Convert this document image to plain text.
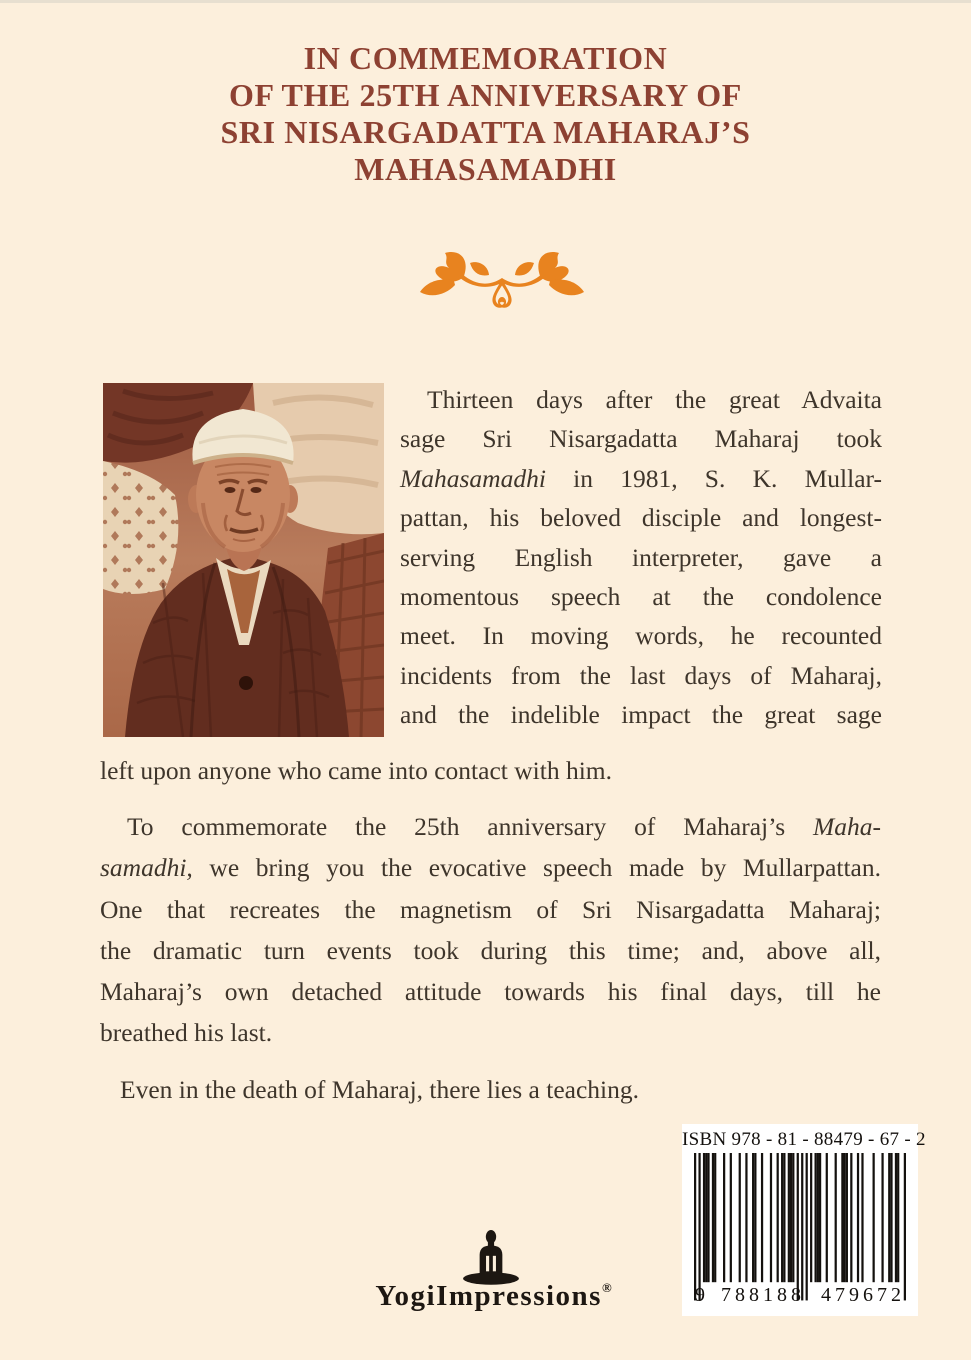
IN COMMEMORATION
OF THE 25TH ANNIVERSARY OF
SRI NISARGADATTA MAHARAJ’S
MAHASAMADHI
Thirteen days after the great Advaita
sage Sri Nisargadatta Maharaj took
Mahasamadhi in 1981, S. K. Mullar-
pattan, his beloved disciple and longest-
serving English interpreter, gave a
momentous speech at the condolence
meet. In moving words, he recounted
incidents from the last days of Maharaj,
and the indelible impact the great sage
left upon anyone who came into contact with him.
To commemorate the 25th anniversary of Maharaj’s Maha-
samadhi, we bring you the evocative speech made by Mullarpattan.
One that recreates the magnetism of Sri Nisargadatta Maharaj;
the dramatic turn events took during this time; and, above all,
Maharaj’s own detached attitude towards his final days, till he
breathed his last.
Even in the death of Maharaj, there lies a teaching.
ISBN 978 - 81 - 88479 - 67 - 2
9 788188 479672
YogiImpressions®
